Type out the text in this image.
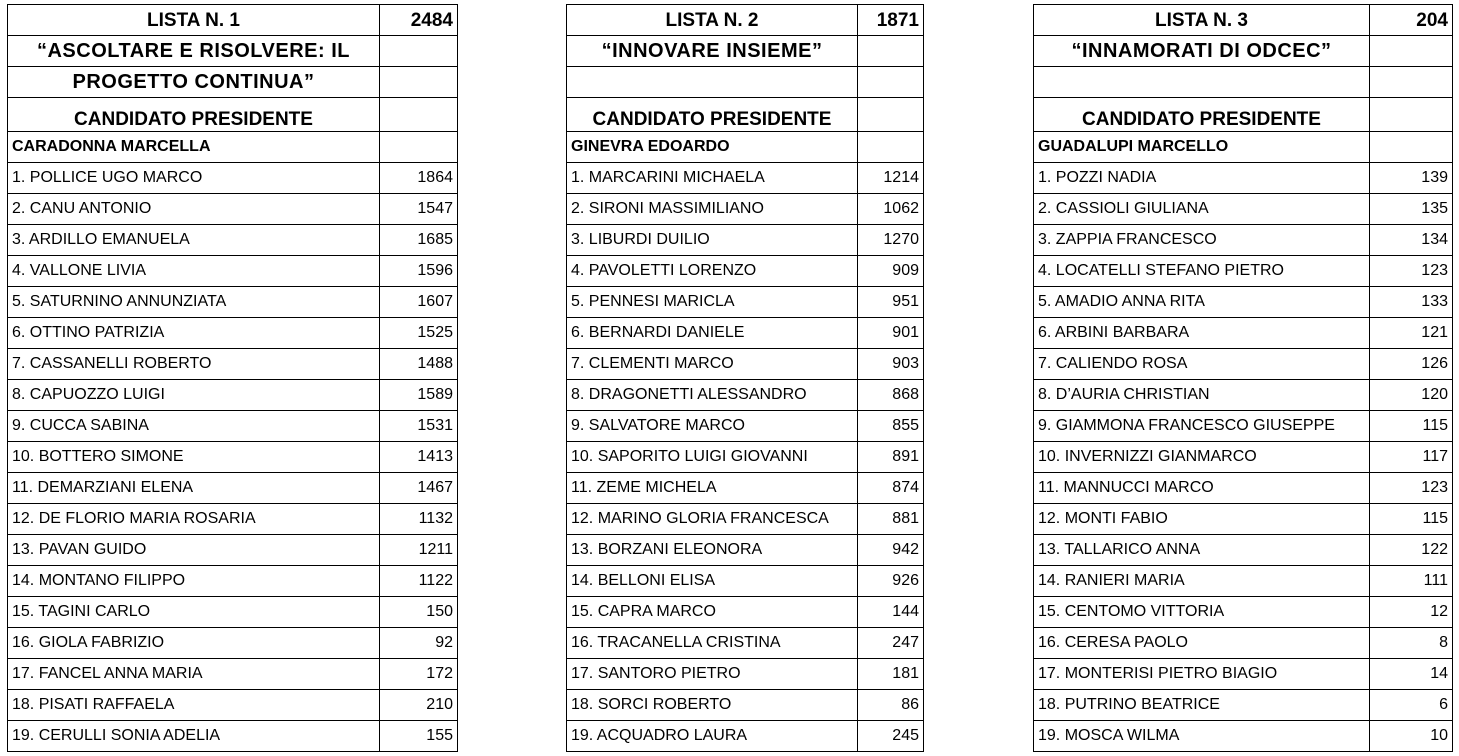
LISTA N. 1	2484
“ASCOLTARE E RISOLVERE: IL	
PROGETTO CONTINUA”	
CANDIDATO PRESIDENTE	
CARADONNA MARCELLA	
1. POLLICE UGO MARCO	1864
2. CANU ANTONIO	1547
3. ARDILLO EMANUELA	1685
4. VALLONE LIVIA	1596
5. SATURNINO ANNUNZIATA	1607
6. OTTINO PATRIZIA	1525
7. CASSANELLI ROBERTO	1488
8. CAPUOZZO LUIGI	1589
9. CUCCA SABINA	1531
10. BOTTERO SIMONE	1413
11. DEMARZIANI ELENA	1467
12. DE FLORIO MARIA ROSARIA	1132
13. PAVAN GUIDO	1211
14. MONTANO FILIPPO	1122
15. TAGINI CARLO	150
16. GIOLA FABRIZIO	92
17. FANCEL ANNA MARIA	172
18. PISATI RAFFAELA	210
19. CERULLI SONIA ADELIA	155
LISTA N. 2	1871
“INNOVARE INSIEME”	

CANDIDATO PRESIDENTE	
GINEVRA EDOARDO	
1. MARCARINI MICHAELA	1214
2. SIRONI MASSIMILIANO	1062
3. LIBURDI DUILIO	1270
4. PAVOLETTI LORENZO	909
5. PENNESI MARICLA	951
6. BERNARDI DANIELE	901
7. CLEMENTI MARCO	903
8. DRAGONETTI ALESSANDRO	868
9. SALVATORE MARCO	855
10. SAPORITO LUIGI GIOVANNI	891
11. ZEME MICHELA	874
12. MARINO GLORIA FRANCESCA	881
13. BORZANI ELEONORA	942
14. BELLONI ELISA	926
15. CAPRA MARCO	144
16. TRACANELLA CRISTINA	247
17. SANTORO PIETRO	181
18. SORCI ROBERTO	86
19. ACQUADRO LAURA	245
LISTA N. 3	204
“INNAMORATI DI ODCEC”	

CANDIDATO PRESIDENTE	
GUADALUPI MARCELLO	
1. POZZI NADIA	139
2. CASSIOLI GIULIANA	135
3. ZAPPIA FRANCESCO	134
4. LOCATELLI STEFANO PIETRO	123
5. AMADIO ANNA RITA	133
6. ARBINI BARBARA	121
7. CALIENDO ROSA	126
8. D’AURIA CHRISTIAN	120
9. GIAMMONA FRANCESCO GIUSEPPE	115
10. INVERNIZZI GIANMARCO	117
11. MANNUCCI MARCO	123
12. MONTI FABIO	115
13. TALLARICO ANNA	122
14. RANIERI MARIA	111
15. CENTOMO VITTORIA	12
16. CERESA PAOLO	8
17. MONTERISI PIETRO BIAGIO	14
18. PUTRINO BEATRICE	6
19. MOSCA WILMA	10
